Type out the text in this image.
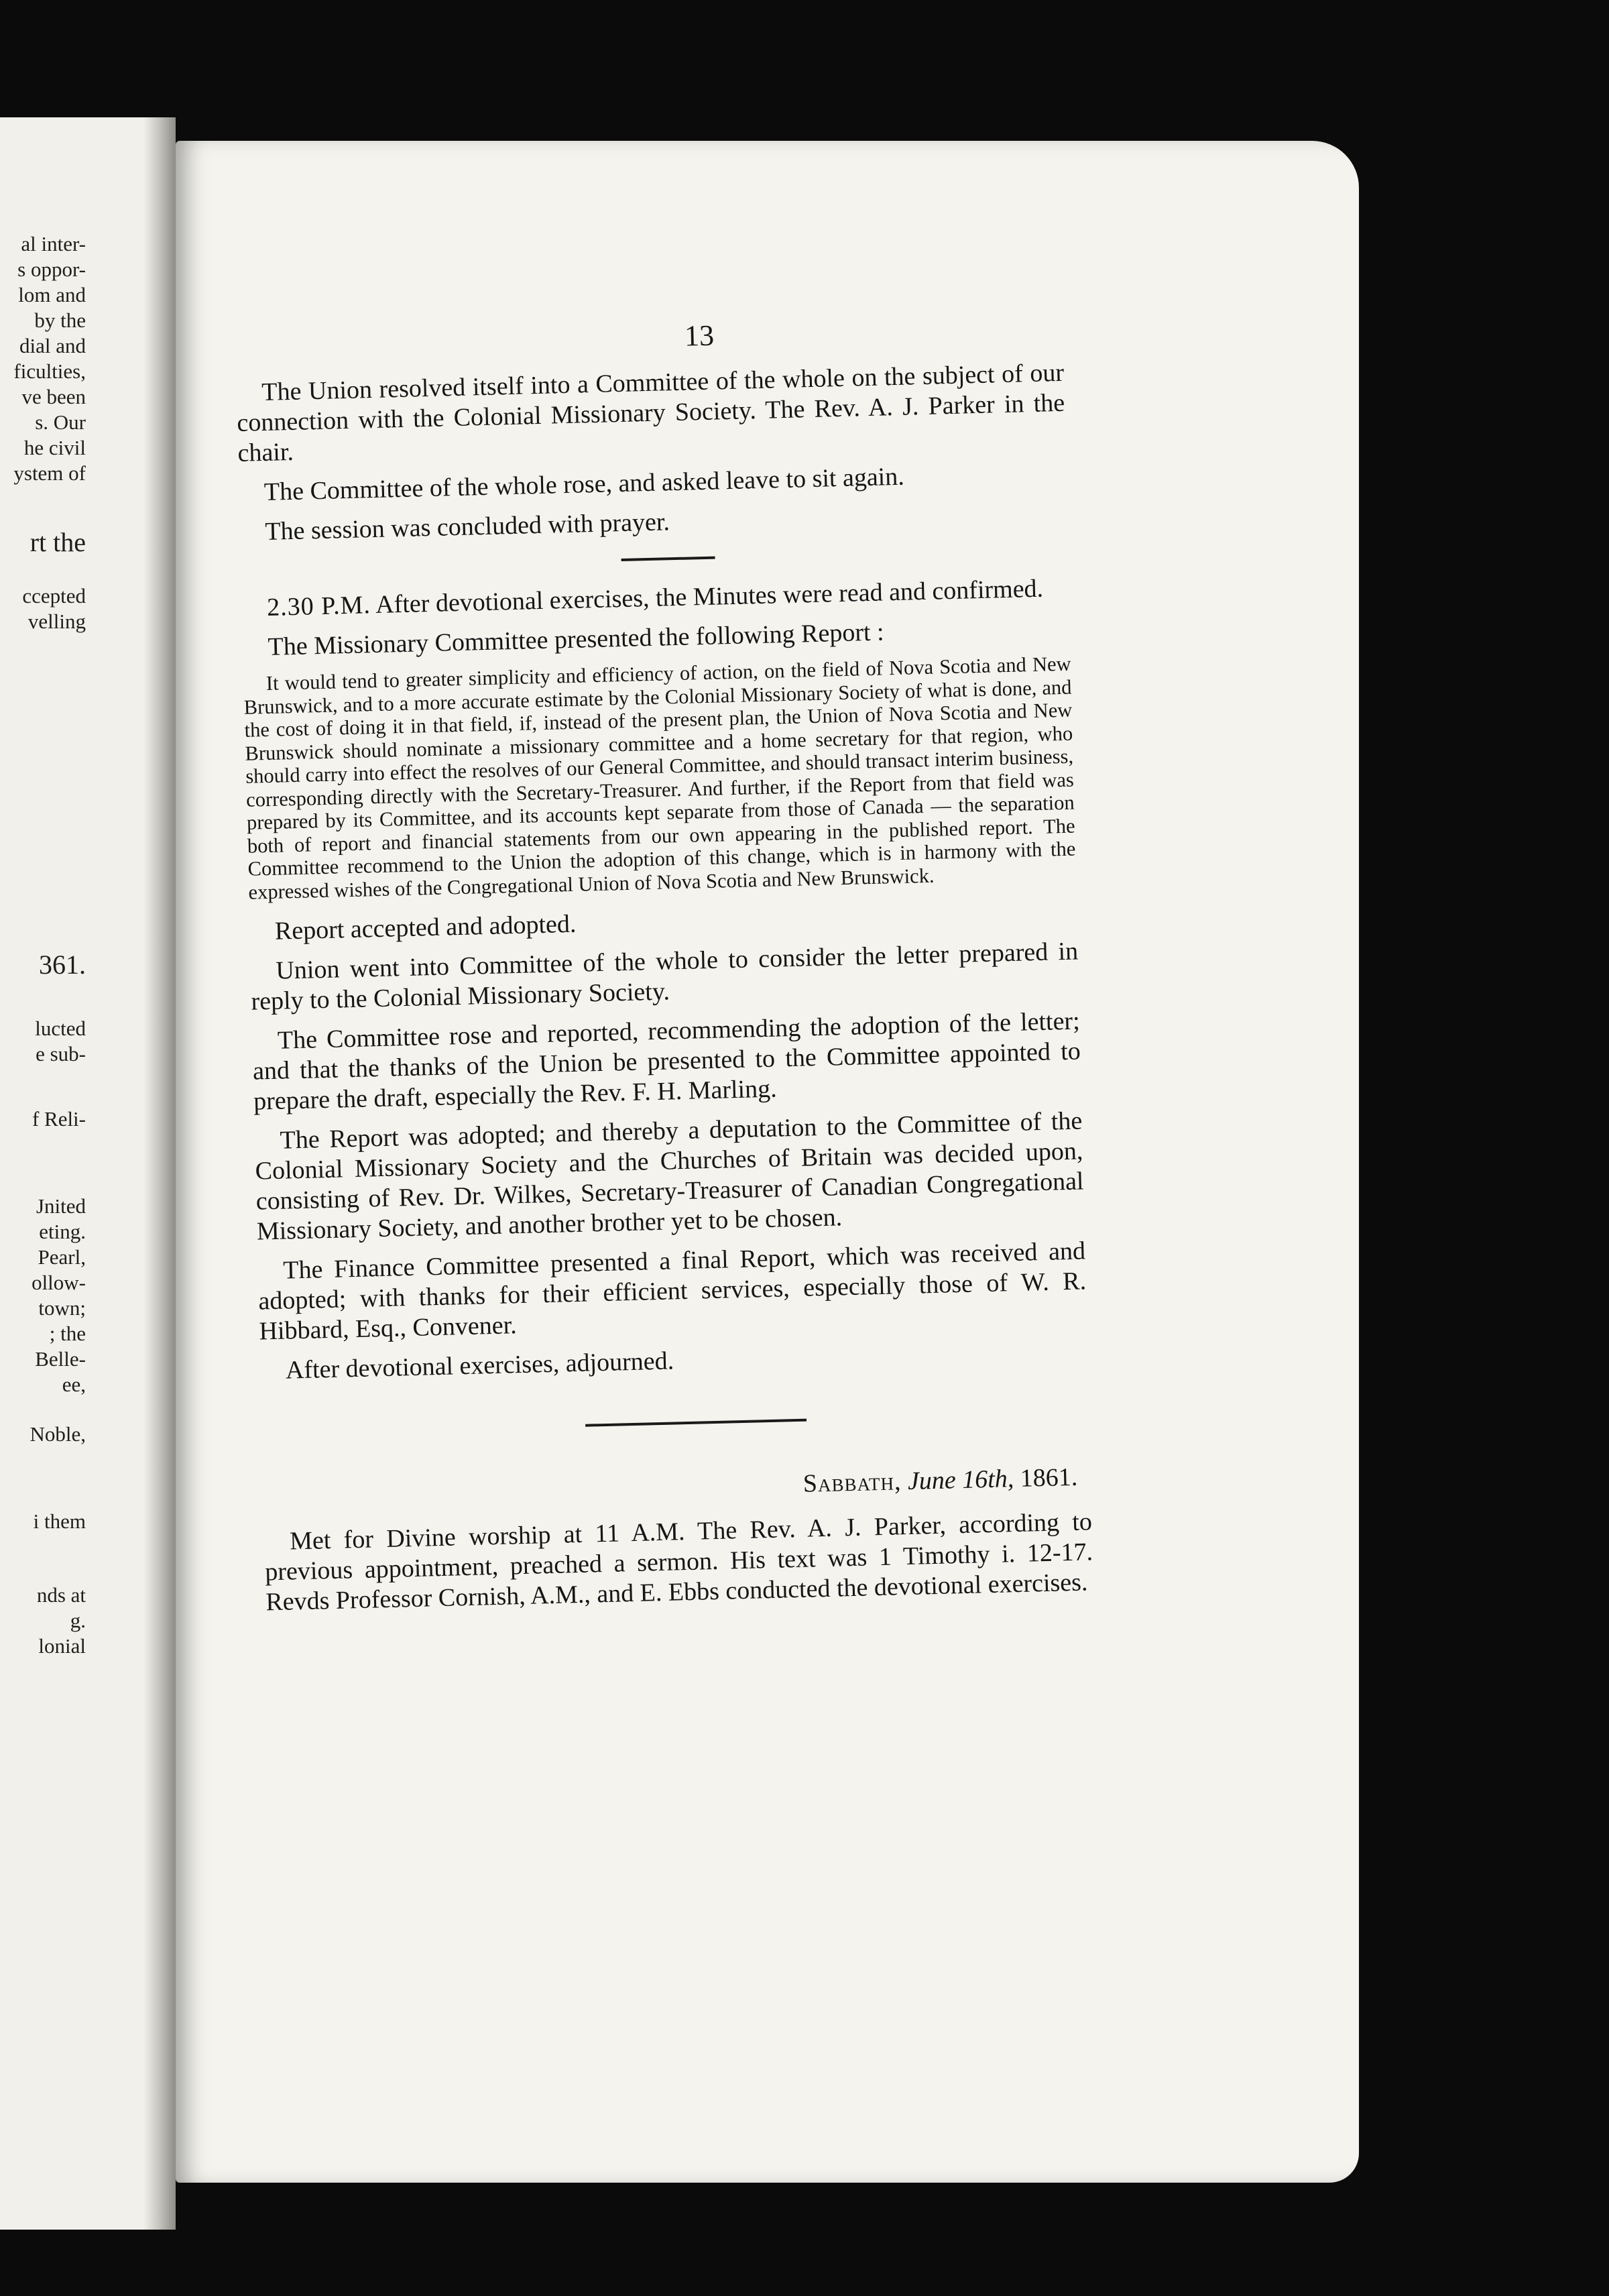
al inter-
s oppor-
lom and
by the
dial and
ficulties,
ve been
s. Our
he civil
ystem of
rt the
ccepted
velling
361.
lucted
e sub-
f Reli-
Jnited
eting.
Pearl,
ollow-
town;
; the
Belle-
ee,
Noble,
i them
nds at
g.
lonial
13

The Union resolved itself into a Committee of the whole on the subject of our connection with the Colonial Missionary Society. The Rev. A. J. Parker in the chair.

The Committee of the whole rose, and asked leave to sit again.

The session was concluded with prayer.

2.30 P.M. After devotional exercises, the Minutes were read and confirmed.

The Missionary Committee presented the following Report :

It would tend to greater simplicity and efficiency of action, on the field of Nova Scotia and New Brunswick, and to a more accurate estimate by the Colonial Missionary Society of what is done, and the cost of doing it in that field, if, instead of the present plan, the Union of Nova Scotia and New Brunswick should nominate a missionary committee and a home secretary for that region, who should carry into effect the resolves of our General Committee, and should transact interim business, corresponding directly with the Secretary-Treasurer. And further, if the Report from that field was prepared by its Committee, and its accounts kept separate from those of Canada — the separation both of report and financial statements from our own appearing in the published report. The Committee recommend to the Union the adoption of this change, which is in harmony with the expressed wishes of the Congregational Union of Nova Scotia and New Brunswick.

Report accepted and adopted.

Union went into Committee of the whole to consider the letter prepared in reply to the Colonial Missionary Society.

The Committee rose and reported, recommending the adoption of the letter; and that the thanks of the Union be presented to the Committee appointed to prepare the draft, especially the Rev. F. H. Marling.

The Report was adopted; and thereby a deputation to the Committee of the Colonial Missionary Society and the Churches of Britain was decided upon, consisting of Rev. Dr. Wilkes, Secretary-Treasurer of Canadian Congregational Missionary Society, and another brother yet to be chosen.

The Finance Committee presented a final Report, which was received and adopted; with thanks for their efficient services, especially those of W. R. Hibbard, Esq., Convener.

After devotional exercises, adjourned.

Sabbath, June 16th, 1861.

Met for Divine worship at 11 A.M. The Rev. A. J. Parker, according to previous appointment, preached a sermon. His text was 1 Timothy i. 12-17. Revds Professor Cornish, A.M., and E. Ebbs conducted the devotional exercises.
